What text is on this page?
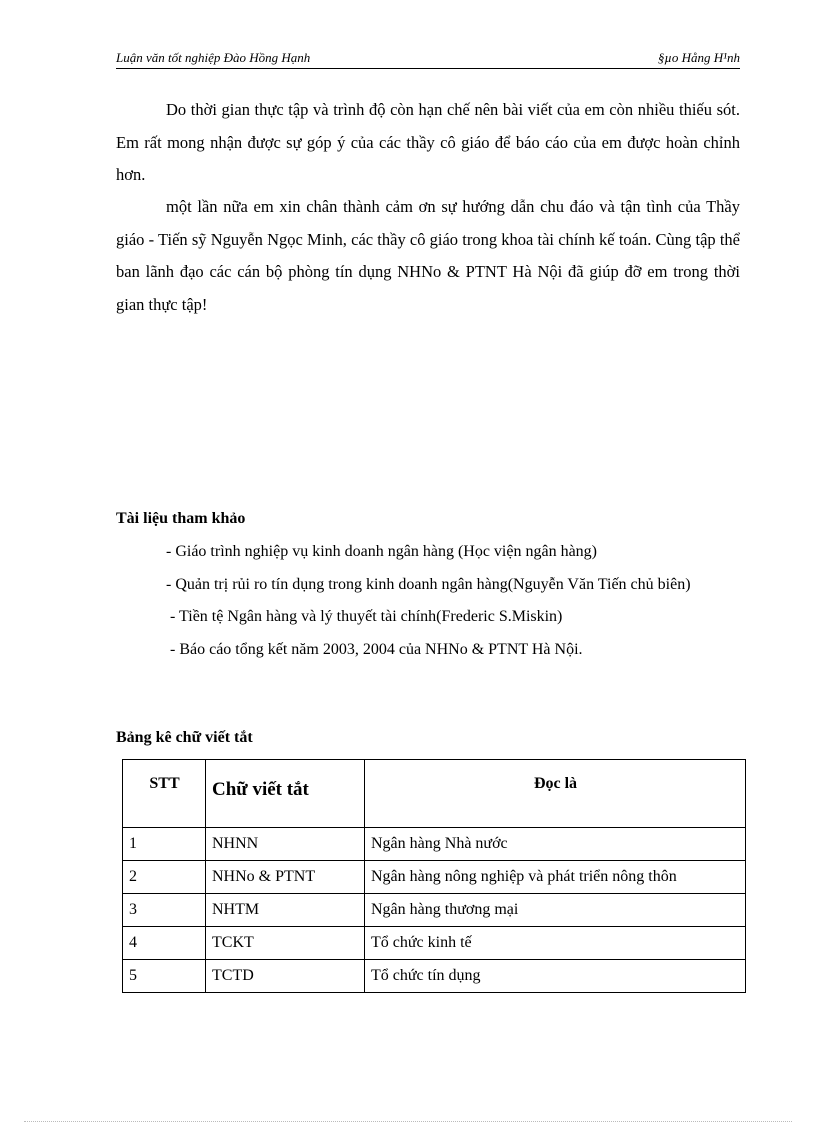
Luận văn tốt nghiệp Đào Hồng Hạnh	§µo Hång H¹nh

Do thời gian thực tập và trình độ còn hạn chế nên bài viết của em còn nhiều thiếu sót. Em rất mong nhận được sự góp ý của các thầy cô giáo để báo cáo của em được hoàn chỉnh hơn.

một lần nữa em xin chân thành cảm ơn sự hướng dẫn chu đáo và tận tình của Thầy giáo - Tiến sỹ Nguyễn Ngọc Minh, các thầy cô giáo trong khoa tài chính kế toán. Cùng tập thể ban lãnh đạo các cán bộ phòng tín dụng NHNo & PTNT Hà Nội đã giúp đỡ em trong thời gian thực tập!

Tài liệu tham khảo
- Giáo trình nghiệp vụ kinh doanh ngân hàng (Học viện ngân hàng)
- Quản trị rủi ro tín dụng trong kinh doanh ngân hàng(Nguyễn Văn Tiến chủ biên)
- Tiền tệ Ngân hàng và lý thuyết tài chính(Frederic S.Miskin)
- Báo cáo tổng kết năm 2003, 2004 của NHNo & PTNT Hà Nội.
Bảng kê chữ viết tắt
STT	Chữ viết tắt	Đọc là
1	NHNN	Ngân hàng Nhà nước
2	NHNo & PTNT	Ngân hàng nông nghiệp và phát triển nông thôn
3	NHTM	Ngân hàng thương mại
4	TCKT	Tổ chức kinh tế
5	TCTD	Tổ chức tín dụng
